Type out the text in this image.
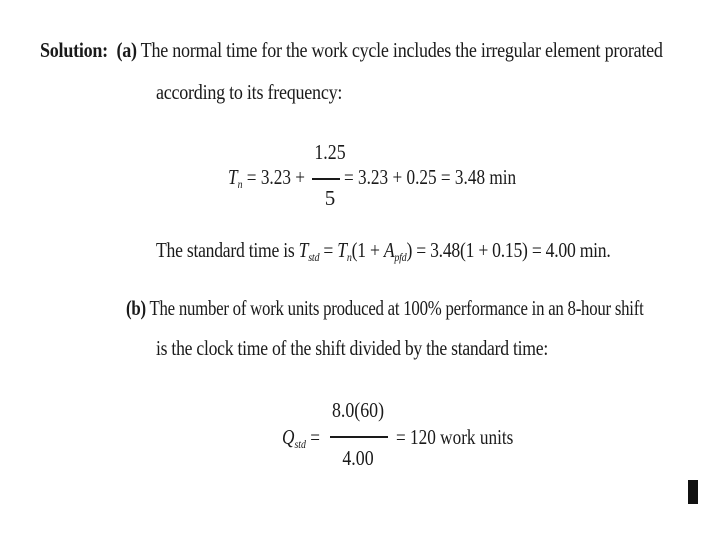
Solution: (a) The normal time for the work cycle includes the irregular element prorated
according to its frequency:
$T_n = 3.23$ +
1.25
5
= 3.23 + 0.25 = 3.48 min
The standard time is $T_{std} = T_n(1 + A_{pfd}) = 3.48(1 + 0.15) = 4.00$ min.
(b) The number of work units produced at 100% performance in an 8-hour shift
is the clock time of the shift divided by the standard time:
$Q_{std}$ =
8.0(60)
4.00
= 120 work units
